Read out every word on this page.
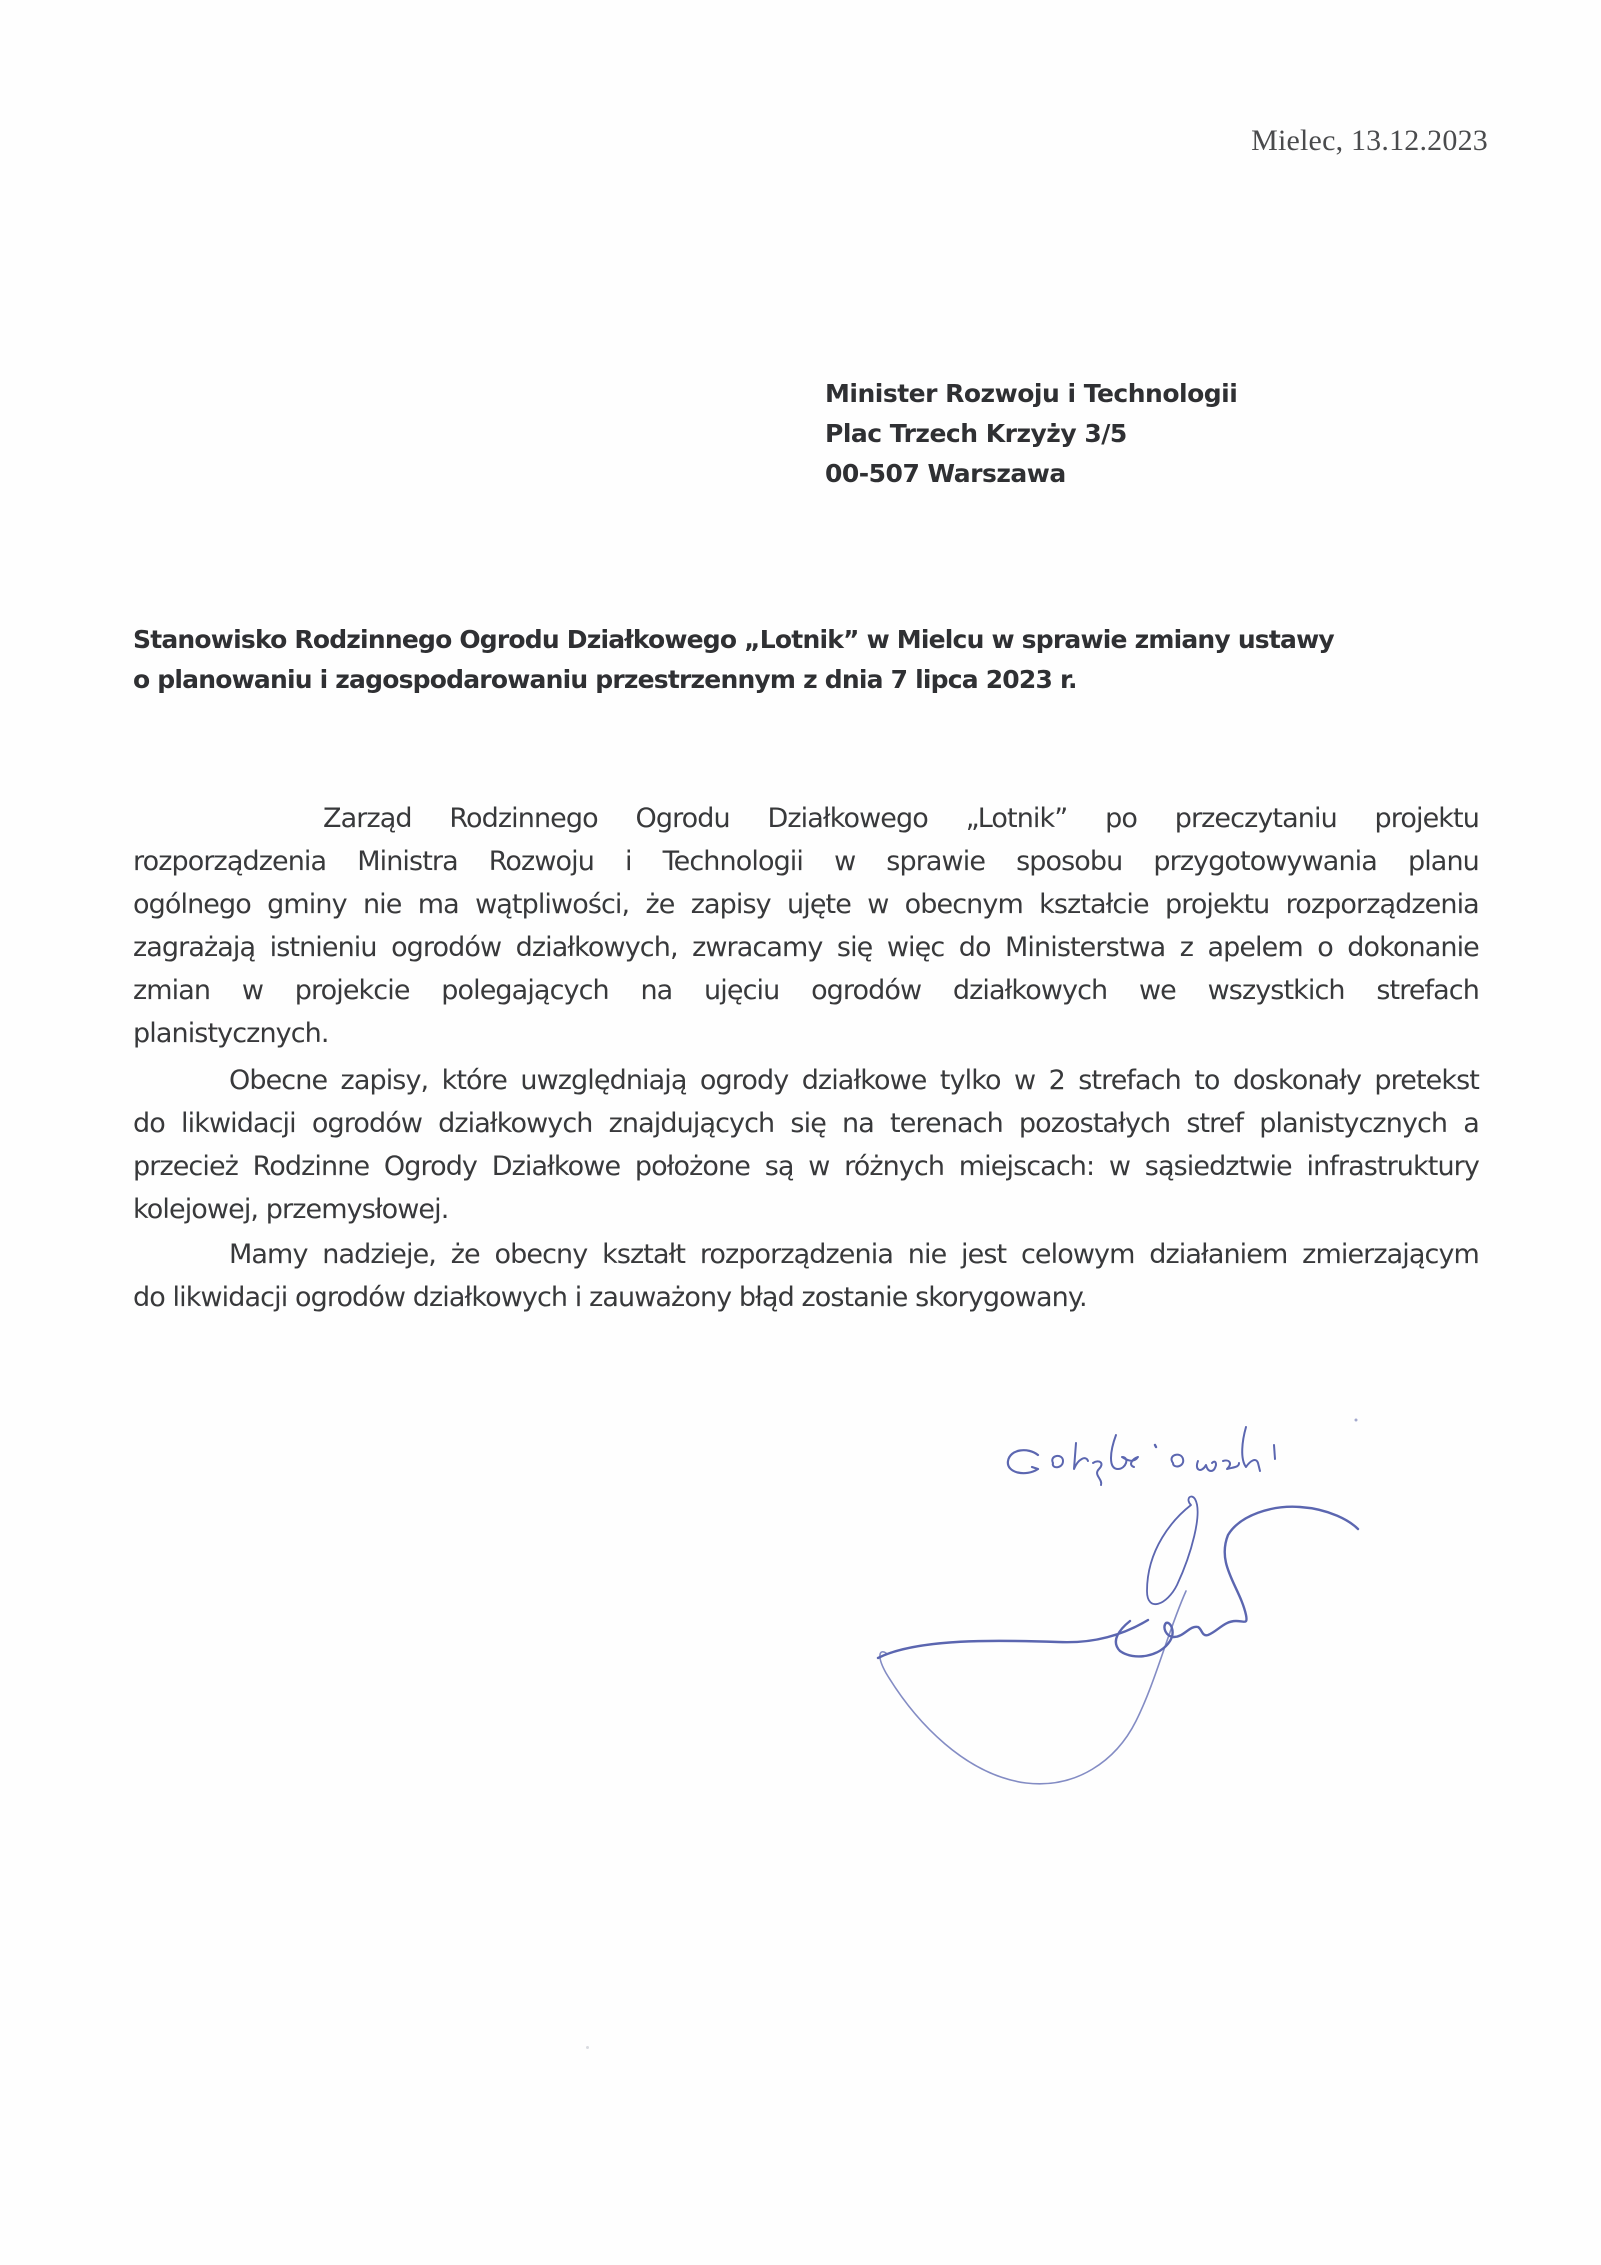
Mielec, 13.12.2023
Minister Rozwoju i Technologii
Plac Trzech Krzyży 3/5
00-507 Warszawa
Stanowisko Rodzinnego Ogrodu Działkowego „Lotnik” w Mielcu w sprawie zmiany ustawy
o planowaniu i zagospodarowaniu przestrzennym z dnia 7 lipca 2023 r.
Zarząd Rodzinnego Ogrodu Działkowego „Lotnik” po przeczytaniu projektu
rozporządzenia Ministra Rozwoju i Technologii w sprawie sposobu przygotowywania planu
ogólnego gminy nie ma wątpliwości, że zapisy ujęte w obecnym kształcie projektu rozporządzenia
zagrażają istnieniu ogrodów działkowych, zwracamy się więc do Ministerstwa z apelem o dokonanie
zmian w projekcie polegających na ujęciu ogrodów działkowych we wszystkich strefach
planistycznych.
Obecne zapisy, które uwzględniają ogrody działkowe tylko w 2 strefach to doskonały pretekst
do likwidacji ogrodów działkowych znajdujących się na terenach pozostałych stref planistycznych a
przecież Rodzinne Ogrody Działkowe położone są w różnych miejscach: w sąsiedztwie infrastruktury
kolejowej, przemysłowej.
Mamy nadzieje, że obecny kształt rozporządzenia nie jest celowym działaniem zmierzającym
do likwidacji ogrodów działkowych i zauważony błąd zostanie skorygowany.
